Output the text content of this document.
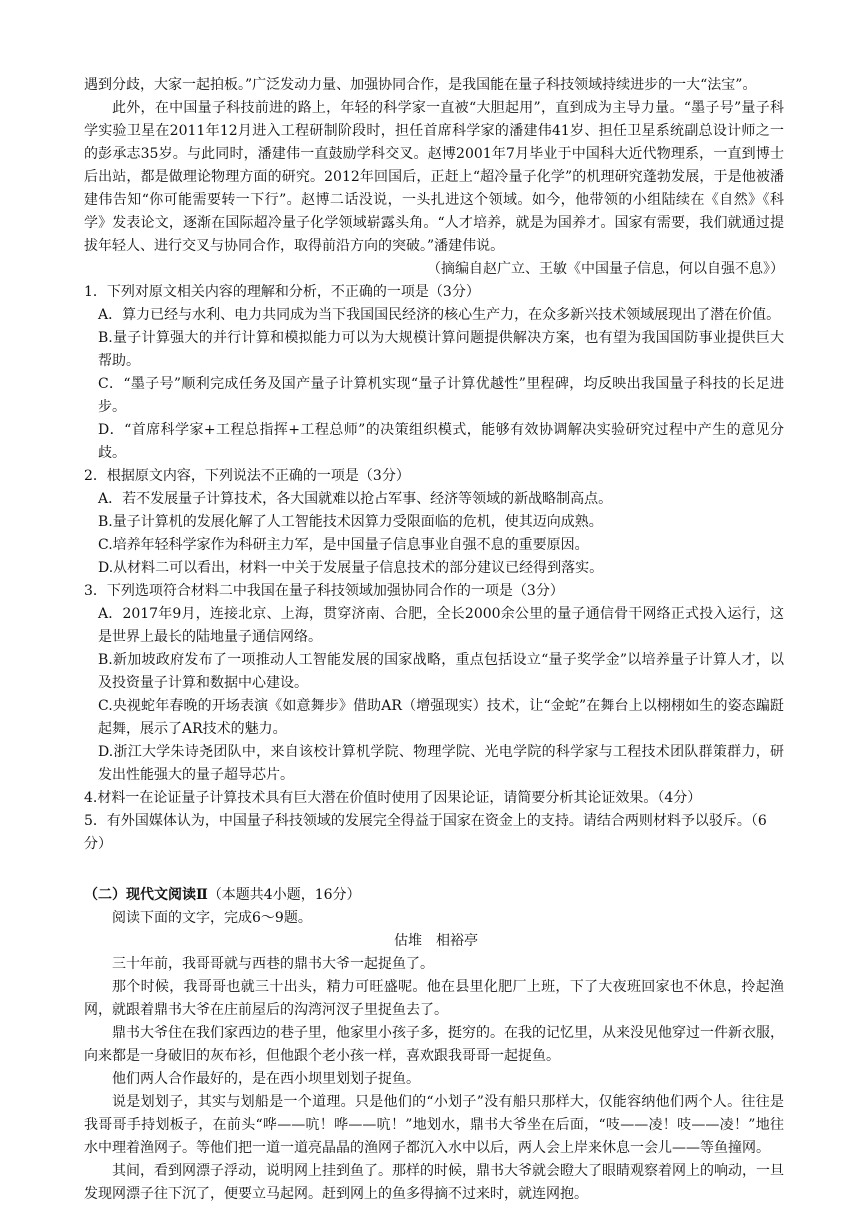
遇到分歧，大家一起拍板。”广泛发动力量、加强协同合作，是我国能在量子科技领域持续进步的一大“法宝”。

此外，在中国量子科技前进的路上，年轻的科学家一直被“大胆起用”，直到成为主导力量。“墨子号”量子科学实验卫星在2011年12月进入工程研制阶段时，担任首席科学家的潘建伟41岁、担任卫星系统副总设计师之一的彭承志35岁。与此同时，潘建伟一直鼓励学科交叉。赵博2001年7月毕业于中国科大近代物理系，一直到博士后出站，都是做理论物理方面的研究。2012年回国后，正赶上“超冷量子化学”的机理研究蓬勃发展，于是他被潘建伟告知“你可能需要转一下行”。赵博二话没说，一头扎进这个领域。如今，他带领的小组陆续在《自然》《科学》发表论文，逐渐在国际超冷量子化学领域崭露头角。“人才培养，就是为国养才。国家有需要，我们就通过提拔年轻人、进行交叉与协同合作，取得前沿方向的突破。”潘建伟说。

（摘编自赵广立、王敏《中国量子信息，何以自强不息》）

1．下列对原文相关内容的理解和分析，不正确的一项是（3分）

A．算力已经与水利、电力共同成为当下我国国民经济的核心生产力，在众多新兴技术领域展现出了潜在价值。

B.量子计算强大的并行计算和模拟能力可以为大规模计算问题提供解决方案，也有望为我国国防事业提供巨大帮助。

C．“墨子号”顺利完成任务及国产量子计算机实现“量子计算优越性”里程碑，均反映出我国量子科技的长足进步。

D．“首席科学家+工程总指挥+工程总师”的决策组织模式，能够有效协调解决实验研究过程中产生的意见分歧。

2．根据原文内容，下列说法不正确的一项是（3分）

A．若不发展量子计算技术，各大国就难以抢占军事、经济等领域的新战略制高点。

B.量子计算机的发展化解了人工智能技术因算力受限面临的危机，使其迈向成熟。

C.培养年轻科学家作为科研主力军，是中国量子信息事业自强不息的重要原因。

D.从材料二可以看出，材料一中关于发展量子信息技术的部分建议已经得到落实。

3．下列选项符合材料二中我国在量子科技领域加强协同合作的一项是（3分）

A．2017年9月，连接北京、上海，贯穿济南、合肥，全长2000余公里的量子通信骨干网络正式投入运行，这是世界上最长的陆地量子通信网络。

B.新加坡政府发布了一项推动人工智能发展的国家战略，重点包括设立“量子奖学金”以培养量子计算人才，以及投资量子计算和数据中心建设。

C.央视蛇年春晚的开场表演《如意舞步》借助AR（增强现实）技术，让“金蛇”在舞台上以栩栩如生的姿态蹁跹起舞，展示了AR技术的魅力。

D.浙江大学朱诗尧团队中，来自该校计算机学院、物理学院、光电学院的科学家与工程技术团队群策群力，研发出性能强大的量子超导芯片。

4.材料一在论证量子计算技术具有巨大潜在价值时使用了因果论证，请简要分析其论证效果。（4分）

5．有外国媒体认为，中国量子科技领域的发展完全得益于国家在资金上的支持。请结合两则材料予以驳斥。（6分）

（二）现代文阅读Ⅱ（本题共4小题，16分）

阅读下面的文字，完成6～9题。

估堆 相裕亭

三十年前，我哥哥就与西巷的鼎书大爷一起捉鱼了。

那个时候，我哥哥也就三十出头，精力可旺盛呢。他在县里化肥厂上班，下了大夜班回家也不休息，拎起渔网，就跟着鼎书大爷在庄前屋后的沟湾河汊子里捉鱼去了。

鼎书大爷住在我们家西边的巷子里，他家里小孩子多，挺穷的。在我的记忆里，从来没见他穿过一件新衣服，向来都是一身破旧的灰布衫，但他跟个老小孩一样，喜欢跟我哥哥一起捉鱼。

他们两人合作最好的，是在西小坝里划划子捉鱼。

说是划划子，其实与划船是一个道理。只是他们的“小划子”没有船只那样大，仅能容纳他们两个人。往往是我哥哥手持划板子，在前头“哗——吭！哗——吭！”地划水，鼎书大爷坐在后面，“吱——凌！吱——凌！”地往水中理着渔网子。等他们把一道一道亮晶晶的渔网子都沉入水中以后，两人会上岸来休息一会儿——等鱼撞网。

其间，看到网漂子浮动，说明网上挂到鱼了。那样的时候，鼎书大爷就会瞪大了眼睛观察着网上的响动，一旦发现网漂子往下沉了，便要立马起网。赶到网上的鱼多得摘不过来时，就连网抱。
